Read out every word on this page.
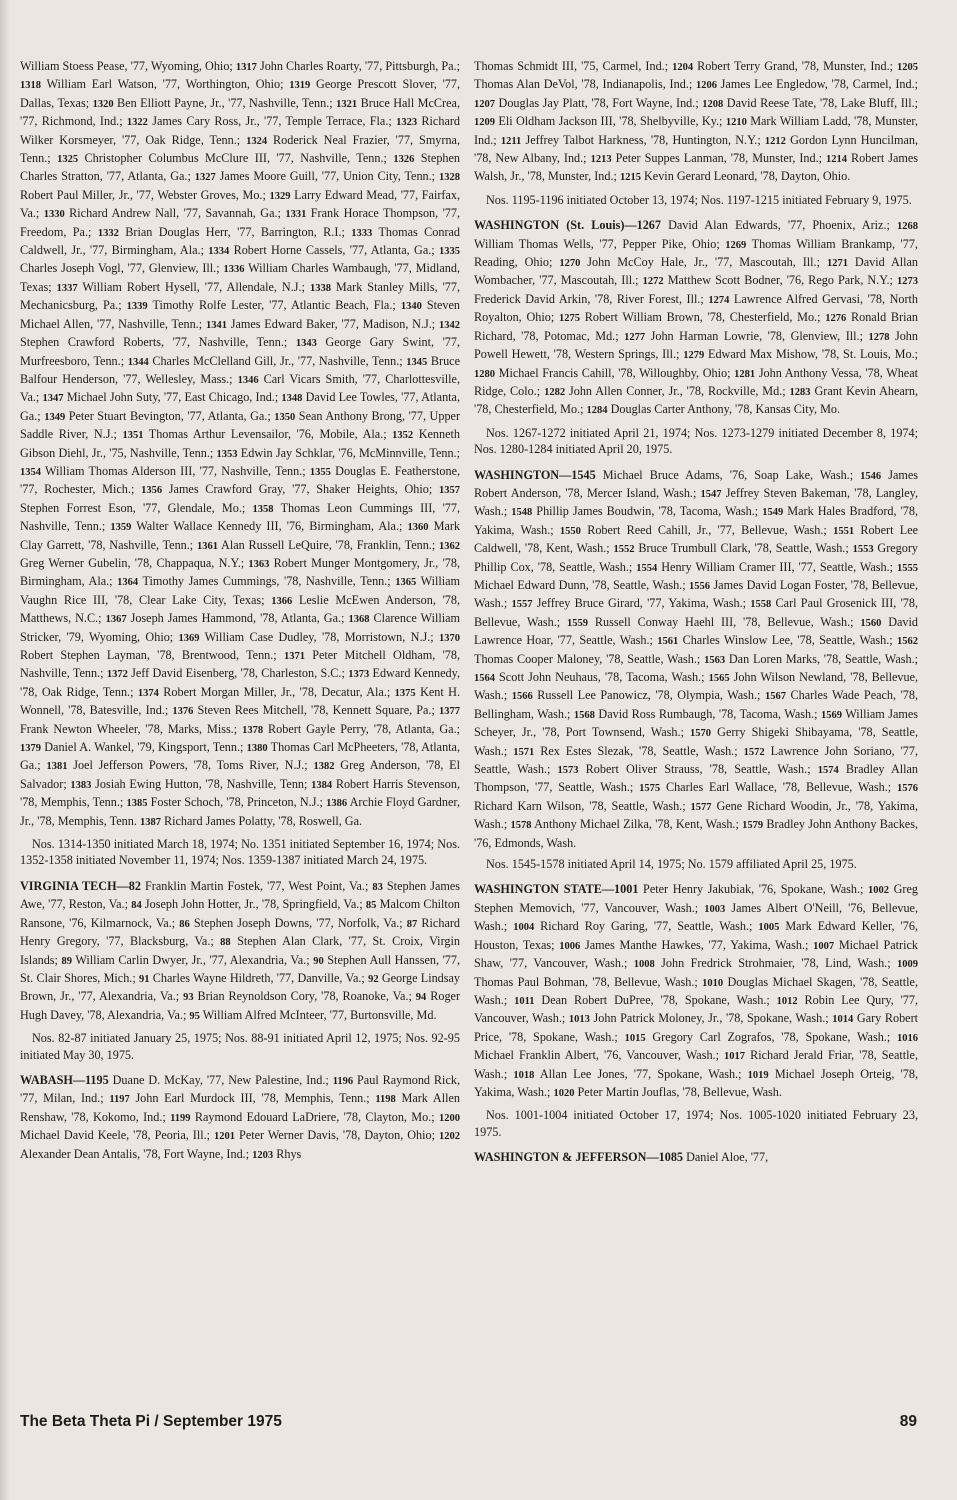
William Stoess Pease, '77, Wyoming, Ohio; 1317 John Charles Roarty, '77, Pittsburgh, Pa.; 1318 William Earl Watson, '77, Worthington, Ohio; 1319 George Prescott Slover, '77, Dallas, Texas; 1320 Ben Elliott Payne, Jr., '77, Nashville, Tenn.; 1321 Bruce Hall McCrea, '77, Richmond, Ind.; 1322 James Cary Ross, Jr., '77, Temple Terrace, Fla.; 1323 Richard Wilker Korsmeyer, '77, Oak Ridge, Tenn.; 1324 Roderick Neal Frazier, '77, Smyrna, Tenn.; 1325 Christopher Columbus McClure III, '77, Nashville, Tenn.; 1326 Stephen Charles Stratton, '77, Atlanta, Ga.; 1327 James Moore Guill, '77, Union City, Tenn.; 1328 Robert Paul Miller, Jr., '77, Webster Groves, Mo.; 1329 Larry Edward Mead, '77, Fairfax, Va.; 1330 Richard Andrew Nall, '77, Savannah, Ga.; 1331 Frank Horace Thompson, '77, Freedom, Pa.; 1332 Brian Douglas Herr, '77, Barrington, R.I.; 1333 Thomas Conrad Caldwell, Jr., '77, Birmingham, Ala.; 1334 Robert Horne Cassels, '77, Atlanta, Ga.; 1335 Charles Joseph Vogl, '77, Glenview, Ill.; 1336 William Charles Wambaugh, '77, Midland, Texas; 1337 William Robert Hysell, '77, Allendale, N.J.; 1338 Mark Stanley Mills, '77, Mechanicsburg, Pa.; 1339 Timothy Rolfe Lester, '77, Atlantic Beach, Fla.; 1340 Steven Michael Allen, '77, Nashville, Tenn.; 1341 James Edward Baker, '77, Madison, N.J.; 1342 Stephen Crawford Roberts, '77, Nashville, Tenn.; 1343 George Gary Swint, '77, Murfreesboro, Tenn.; 1344 Charles McClelland Gill, Jr., '77, Nashville, Tenn.; 1345 Bruce Balfour Henderson, '77, Wellesley, Mass.; 1346 Carl Vicars Smith, '77, Charlottesville, Va.; 1347 Michael John Suty, '77, East Chicago, Ind.; 1348 David Lee Towles, '77, Atlanta, Ga.; 1349 Peter Stuart Bevington, '77, Atlanta, Ga.; 1350 Sean Anthony Brong, '77, Upper Saddle River, N.J.; 1351 Thomas Arthur Levensailor, '76, Mobile, Ala.; 1352 Kenneth Gibson Diehl, Jr., '75, Nashville, Tenn.; 1353 Edwin Jay Schklar, '76, McMinnville, Tenn.; 1354 William Thomas Alderson III, '77, Nashville, Tenn.; 1355 Douglas E. Featherstone, '77, Rochester, Mich.; 1356 James Crawford Gray, '77, Shaker Heights, Ohio; 1357 Stephen Forrest Eson, '77, Glendale, Mo.; 1358 Thomas Leon Cummings III, '77, Nashville, Tenn.; 1359 Walter Wallace Kennedy III, '76, Birmingham, Ala.; 1360 Mark Clay Garrett, '78, Nashville, Tenn.; 1361 Alan Russell LeQuire, '78, Franklin, Tenn.; 1362 Greg Werner Gubelin, '78, Chappaqua, N.Y.; 1363 Robert Munger Montgomery, Jr., '78, Birmingham, Ala.; 1364 Timothy James Cummings, '78, Nashville, Tenn.; 1365 William Vaughn Rice III, '78, Clear Lake City, Texas; 1366 Leslie McEwen Anderson, '78, Matthews, N.C.; 1367 Joseph James Hammond, '78, Atlanta, Ga.; 1368 Clarence William Stricker, '79, Wyoming, Ohio; 1369 William Case Dudley, '78, Morristown, N.J.; 1370 Robert Stephen Layman, '78, Brentwood, Tenn.; 1371 Peter Mitchell Oldham, '78, Nashville, Tenn.; 1372 Jeff David Eisenberg, '78, Charleston, S.C.; 1373 Edward Kennedy, '78, Oak Ridge, Tenn.; 1374 Robert Morgan Miller, Jr., '78, Decatur, Ala.; 1375 Kent H. Wonnell, '78, Batesville, Ind.; 1376 Steven Rees Mitchell, '78, Kennett Square, Pa.; 1377 Frank Newton Wheeler, '78, Marks, Miss.; 1378 Robert Gayle Perry, '78, Atlanta, Ga.; 1379 Daniel A. Wankel, '79, Kingsport, Tenn.; 1380 Thomas Carl McPheeters, '78, Atlanta, Ga.; 1381 Joel Jefferson Powers, '78, Toms River, N.J.; 1382 Greg Anderson, '78, El Salvador; 1383 Josiah Ewing Hutton, '78, Nashville, Tenn; 1384 Robert Harris Stevenson, '78, Memphis, Tenn.; 1385 Foster Schoch, '78, Princeton, N.J.; 1386 Archie Floyd Gardner, Jr., '78, Memphis, Tenn. 1387 Richard James Polatty, '78, Roswell, Ga.

Nos. 1314-1350 initiated March 18, 1974; No. 1351 initiated September 16, 1974; Nos. 1352-1358 initiated November 11, 1974; Nos. 1359-1387 initiated March 24, 1975.

VIRGINIA TECH—82 Franklin Martin Fostek, '77, West Point, Va.; 83 Stephen James Awe, '77, Reston, Va.; 84 Joseph John Hotter, Jr., '78, Springfield, Va.; 85 Malcom Chilton Ransone, '76, Kilmarnock, Va.; 86 Stephen Joseph Downs, '77, Norfolk, Va.; 87 Richard Henry Gregory, '77, Blacksburg, Va.; 88 Stephen Alan Clark, '77, St. Croix, Virgin Islands; 89 William Carlin Dwyer, Jr., '77, Alexandria, Va.; 90 Stephen Aull Hanssen, '77, St. Clair Shores, Mich.; 91 Charles Wayne Hildreth, '77, Danville, Va.; 92 George Lindsay Brown, Jr., '77, Alexandria, Va.; 93 Brian Reynoldson Cory, '78, Roanoke, Va.; 94 Roger Hugh Davey, '78, Alexandria, Va.; 95 William Alfred McInteer, '77, Burtonsville, Md.

Nos. 82-87 initiated January 25, 1975; Nos. 88-91 initiated April 12, 1975; Nos. 92-95 initiated May 30, 1975.

WABASH—1195 Duane D. McKay, '77, New Palestine, Ind.; 1196 Paul Raymond Rick, '77, Milan, Ind.; 1197 John Earl Murdock III, '78, Memphis, Tenn.; 1198 Mark Allen Renshaw, '78, Kokomo, Ind.; 1199 Raymond Edouard LaDriere, '78, Clayton, Mo.; 1200 Michael David Keele, '78, Peoria, Ill.; 1201 Peter Werner Davis, '78, Dayton, Ohio; 1202 Alexander Dean Antalis, '78, Fort Wayne, Ind.; 1203 Rhys

Thomas Schmidt III, '75, Carmel, Ind.; 1204 Robert Terry Grand, '78, Munster, Ind.; 1205 Thomas Alan DeVol, '78, Indianapolis, Ind.; 1206 James Lee Engledow, '78, Carmel, Ind.; 1207 Douglas Jay Platt, '78, Fort Wayne, Ind.; 1208 David Reese Tate, '78, Lake Bluff, Ill.; 1209 Eli Oldham Jackson III, '78, Shelbyville, Ky.; 1210 Mark William Ladd, '78, Munster, Ind.; 1211 Jeffrey Talbot Harkness, '78, Huntington, N.Y.; 1212 Gordon Lynn Huncilman, '78, New Albany, Ind.; 1213 Peter Suppes Lanman, '78, Munster, Ind.; 1214 Robert James Walsh, Jr., '78, Munster, Ind.; 1215 Kevin Gerard Leonard, '78, Dayton, Ohio.

Nos. 1195-1196 initiated October 13, 1974; Nos. 1197-1215 initiated February 9, 1975.

WASHINGTON (St. Louis)—1267 David Alan Edwards, '77, Phoenix, Ariz.; 1268 William Thomas Wells, '77, Pepper Pike, Ohio; 1269 Thomas William Brankamp, '77, Reading, Ohio; 1270 John McCoy Hale, Jr., '77, Mascoutah, Ill.; 1271 David Allan Wombacher, '77, Mascoutah, Ill.; 1272 Matthew Scott Bodner, '76, Rego Park, N.Y.; 1273 Frederick David Arkin, '78, River Forest, Ill.; 1274 Lawrence Alfred Gervasi, '78, North Royalton, Ohio; 1275 Robert William Brown, '78, Chesterfield, Mo.; 1276 Ronald Brian Richard, '78, Potomac, Md.; 1277 John Harman Lowrie, '78, Glenview, Ill.; 1278 John Powell Hewett, '78, Western Springs, Ill.; 1279 Edward Max Mishow, '78, St. Louis, Mo.; 1280 Michael Francis Cahill, '78, Willoughby, Ohio; 1281 John Anthony Vessa, '78, Wheat Ridge, Colo.; 1282 John Allen Conner, Jr., '78, Rockville, Md.; 1283 Grant Kevin Ahearn, '78, Chesterfield, Mo.; 1284 Douglas Carter Anthony, '78, Kansas City, Mo.

Nos. 1267-1272 initiated April 21, 1974; Nos. 1273-1279 initiated December 8, 1974; Nos. 1280-1284 initiated April 20, 1975.

WASHINGTON—1545 Michael Bruce Adams, '76, Soap Lake, Wash.; 1546 James Robert Anderson, '78, Mercer Island, Wash.; 1547 Jeffrey Steven Bakeman, '78, Langley, Wash.; 1548 Phillip James Boudwin, '78, Tacoma, Wash.; 1549 Mark Hales Bradford, '78, Yakima, Wash.; 1550 Robert Reed Cahill, Jr., '77, Bellevue, Wash.; 1551 Robert Lee Caldwell, '78, Kent, Wash.; 1552 Bruce Trumbull Clark, '78, Seattle, Wash.; 1553 Gregory Phillip Cox, '78, Seattle, Wash.; 1554 Henry William Cramer III, '77, Seattle, Wash.; 1555 Michael Edward Dunn, '78, Seattle, Wash.; 1556 James David Logan Foster, '78, Bellevue, Wash.; 1557 Jeffrey Bruce Girard, '77, Yakima, Wash.; 1558 Carl Paul Grosenick III, '78, Bellevue, Wash.; 1559 Russell Conway Haehl III, '78, Bellevue, Wash.; 1560 David Lawrence Hoar, '77, Seattle, Wash.; 1561 Charles Winslow Lee, '78, Seattle, Wash.; 1562 Thomas Cooper Maloney, '78, Seattle, Wash.; 1563 Dan Loren Marks, '78, Seattle, Wash.; 1564 Scott John Neuhaus, '78, Tacoma, Wash.; 1565 John Wilson Newland, '78, Bellevue, Wash.; 1566 Russell Lee Panowicz, '78, Olympia, Wash.; 1567 Charles Wade Peach, '78, Bellingham, Wash.; 1568 David Ross Rumbaugh, '78, Tacoma, Wash.; 1569 William James Scheyer, Jr., '78, Port Townsend, Wash.; 1570 Gerry Shigeki Shibayama, '78, Seattle, Wash.; 1571 Rex Estes Slezak, '78, Seattle, Wash.; 1572 Lawrence John Soriano, '77, Seattle, Wash.; 1573 Robert Oliver Strauss, '78, Seattle, Wash.; 1574 Bradley Allan Thompson, '77, Seattle, Wash.; 1575 Charles Earl Wallace, '78, Bellevue, Wash.; 1576 Richard Karn Wilson, '78, Seattle, Wash.; 1577 Gene Richard Woodin, Jr., '78, Yakima, Wash.; 1578 Anthony Michael Zilka, '78, Kent, Wash.; 1579 Bradley John Anthony Backes, '76, Edmonds, Wash.

Nos. 1545-1578 initiated April 14, 1975; No. 1579 affiliated April 25, 1975.

WASHINGTON STATE—1001 Peter Henry Jakubiak, '76, Spokane, Wash.; 1002 Greg Stephen Memovich, '77, Vancouver, Wash.; 1003 James Albert O'Neill, '76, Bellevue, Wash.; 1004 Richard Roy Garing, '77, Seattle, Wash.; 1005 Mark Edward Keller, '76, Houston, Texas; 1006 James Manthe Hawkes, '77, Yakima, Wash.; 1007 Michael Patrick Shaw, '77, Vancouver, Wash.; 1008 John Fredrick Strohmaier, '78, Lind, Wash.; 1009 Thomas Paul Bohman, '78, Bellevue, Wash.; 1010 Douglas Michael Skagen, '78, Seattle, Wash.; 1011 Dean Robert DuPree, '78, Spokane, Wash.; 1012 Robin Lee Qury, '77, Vancouver, Wash.; 1013 John Patrick Moloney, Jr., '78, Spokane, Wash.; 1014 Gary Robert Price, '78, Spokane, Wash.; 1015 Gregory Carl Zografos, '78, Spokane, Wash.; 1016 Michael Franklin Albert, '76, Vancouver, Wash.; 1017 Richard Jerald Friar, '78, Seattle, Wash.; 1018 Allan Lee Jones, '77, Spokane, Wash.; 1019 Michael Joseph Orteig, '78, Yakima, Wash.; 1020 Peter Martin Jouflas, '78, Bellevue, Wash.

Nos. 1001-1004 initiated October 17, 1974; Nos. 1005-1020 initiated February 23, 1975.

WASHINGTON & JEFFERSON—1085 Daniel Aloe, '77,

The Beta Theta Pi / September 1975	89
